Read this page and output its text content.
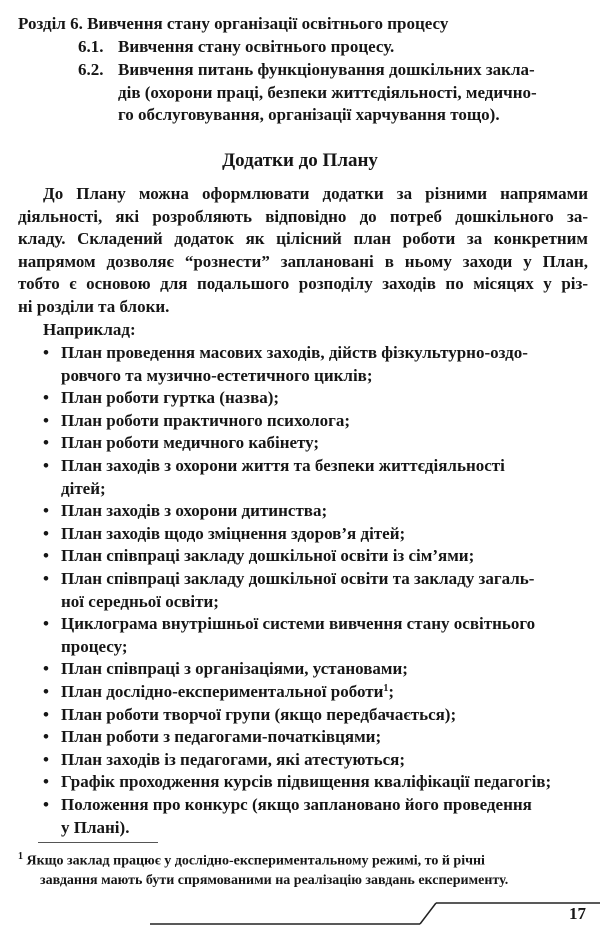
Розділ 6. Вивчення стану організації освітнього процесу
6.1. Вивчення стану освітнього процесу.
6.2. Вивчення питань функціонування дошкільних закла-
дів (охорони праці, безпеки життєдіяльності, медично-
го обслуговування, організації харчування тощо).
Додатки до Плану
До Плану можна оформлювати додатки за різними напрямами
діяльності, які розробляють відповідно до потреб дошкільного за-
кладу. Складений додаток як цілісний план роботи за конкретним
напрямом дозволяє “рознести” заплановані в ньому заходи у План,
тобто є основою для подальшого розподілу заходів по місяцях у різ-
ні розділи та блоки.
Наприклад:
• План проведення масових заходів, дійств фізкультурно-оздо-
ровчого та музично-естетичного циклів;
• План роботи гуртка (назва);
• План роботи практичного психолога;
• План роботи медичного кабінету;
• План заходів з охорони життя та безпеки життєдіяльності
дітей;
• План заходів з охорони дитинства;
• План заходів щодо зміцнення здоров’я дітей;
• План співпраці закладу дошкільної освіти із сім’ями;
• План співпраці закладу дошкільної освіти та закладу загаль-
ної середньої освіти;
• Циклограма внутрішньої системи вивчення стану освітнього
процесу;
• План співпраці з організаціями, установами;
• План дослідно-експериментальної роботи$^1$;
• План роботи творчої групи (якщо передбачається);
• План роботи з педагогами-початківцями;
• План заходів із педагогами, які атестуються;
• Графік проходження курсів підвищення кваліфікації педагогів;
• Положення про конкурс (якщо заплановано його проведення
у Плані).
$^1$ Якщо заклад працює у дослідно-експериментальному режимі, то й річні
завдання мають бути спрямованими на реалізацію завдань експерименту.
17
